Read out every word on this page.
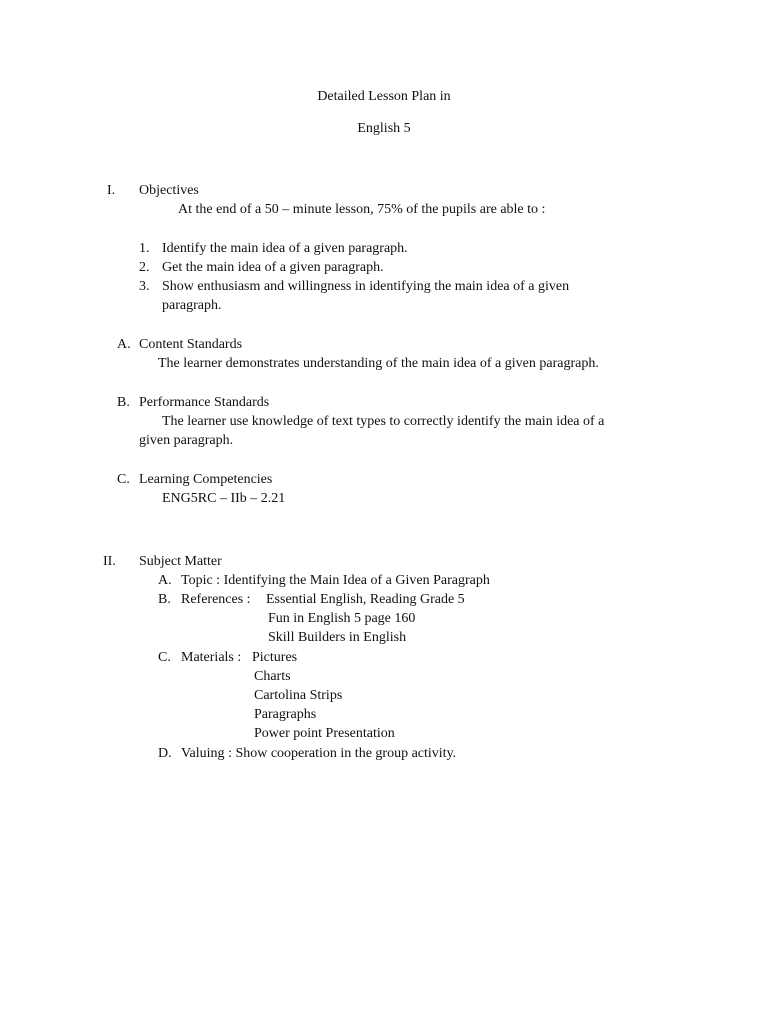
Detailed Lesson Plan in
English 5
I. Objectives
At the end of a 50 – minute lesson, 75% of the pupils are able to :
1. Identify the main idea of a given paragraph.
2. Get the main idea of a given paragraph.
3. Show enthusiasm and willingness in identifying the main idea of a given
paragraph.
A. Content Standards
The learner demonstrates understanding of the main idea of a given paragraph.
B. Performance Standards
The learner use knowledge of text types to correctly identify the main idea of a
given paragraph.
C. Learning Competencies
ENG5RC – IIb – 2.21
II. Subject Matter
A. Topic : Identifying the Main Idea of a Given Paragraph
B. References : Essential English, Reading Grade 5
Fun in English 5 page 160
Skill Builders in English
C. Materials : Pictures
Charts
Cartolina Strips
Paragraphs
Power point Presentation
D. Valuing : Show cooperation in the group activity.
